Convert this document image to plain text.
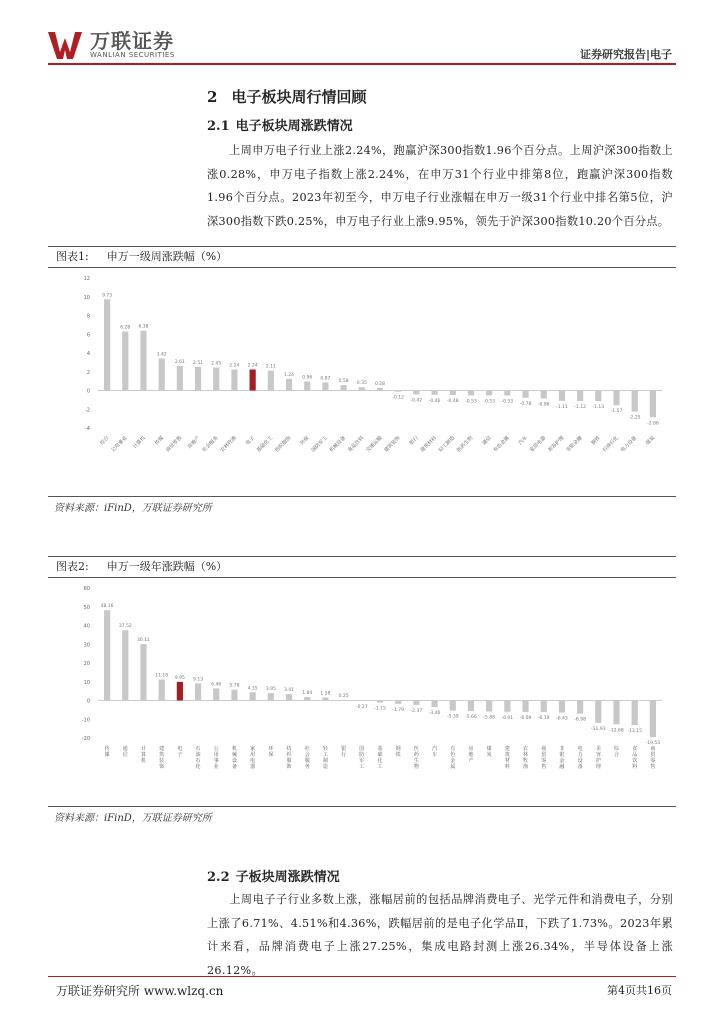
万联证券
WANLIAN SECURITIES	证券研究报告|电子
2 电子板块周行情回顾
2.1 电子板块周涨跌情况
上周申万电子行业上涨2.24%，跑赢沪深300指数1.96个百分点。上周沪深300指数上涨0.28%，申万电子指数上涨2.24%，在申万31个行业中排第8位，跑赢沪深300指数1.96个百分点。2023年初至今，申万电子行业涨幅在申万一级31个行业中排名第5位，沪深300指数下跌0.25%，申万电子行业上涨9.95%，领先于沪深300指数10.20个百分点。
图表1: 申万一级周涨跌幅（%）
12
10
8
6
4
2
0
-2
-4
9.73
综合
6.28
公用事业
6.38
计算机
3.42
传媒
2.61
商贸零售
2.51
房地产
2.45
社会服务
2.24
农林牧渔
2.24
电子
2.11
基础化工
1.24
纺织服饰
0.96
环保
0.87
国防军工
0.58
机械设备
0.35
食品饮料
0.28
交通运输
-0.12
建筑装饰
-0.42
银行
-0.46
建筑材料
-0.48
轻工制造
-0.53
医药生物
-0.53
通信
-0.53
有色金属
-0.78
汽车
-0.86
家用电器
-1.11
美容护理
-1.12
非银金融
-1.13
钢铁
-1.57
石油石化
-2.25
电力设备
-2.86
煤炭
资料来源：iFinD，万联证券研究所
图表2: 申万一级年涨跌幅（%）
60
50
40
30
20
10
0
-10
-20
48.16
传媒
37.52
通信
30.11
计算机
11.18
建筑装饰
9.95
电子
9.13
石油石化
6.46
公用事业
5.78
机械设备
4.35
家用电器
3.95
环保
3.41
纺织服饰
1.84
社会服务
1.58
轻工制造
0.25
银行
-0.27
国防军工
-1.15
基础化工
-1.79
钢铁
-2.37
医药生物
-3.46
汽车
-5.39
有色金属
-5.66
房地产
-5.88
煤炭
-6.01
建筑材料
-6.09
农林牧渔
-6.19
商贸零售
-6.43
非银金融
-6.98
电力设备
-11.93
美容护理
-12.68
综合
-13.15
食品饮料
-19.53
商贸零售
资料来源：iFinD，万联证券研究所
2.2 子板块周涨跌情况
上周电子子行业多数上涨，涨幅居前的包括品牌消费电子、光学元件和消费电子，分别上涨了6.71%、4.51%和4.36%，跌幅居前的是电子化学品Ⅱ，下跌了1.73%。2023年累计来看，品牌消费电子上涨27.25%，集成电路封测上涨26.34%，半导体设备上涨26.12%。
万联证券研究所 www.wlzq.cn	第4页共16页
